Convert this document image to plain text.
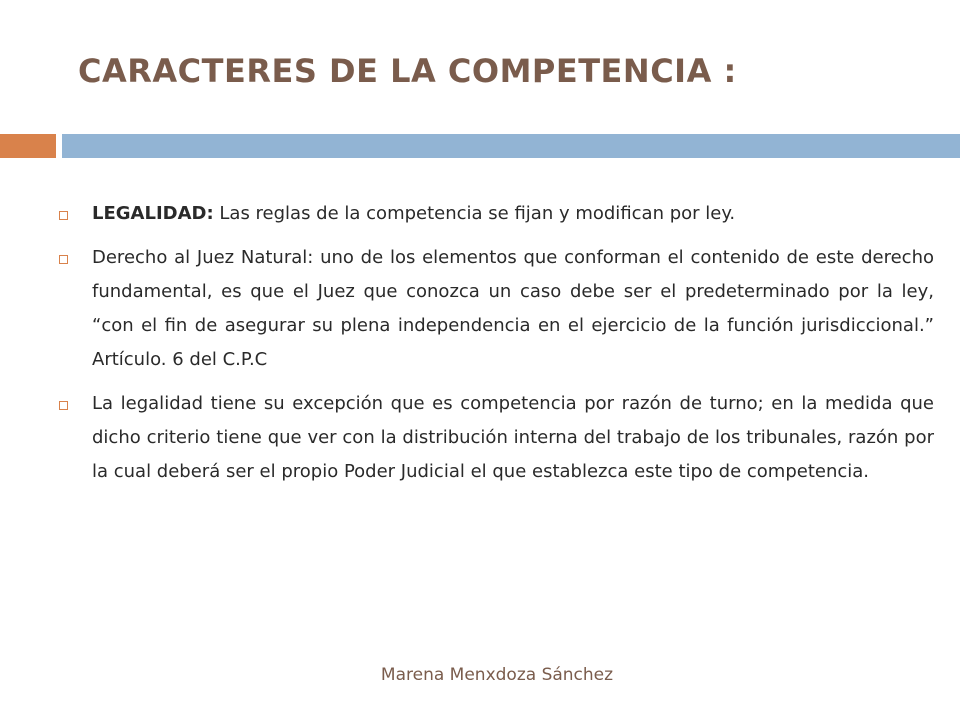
CARACTERES DE LA COMPETENCIA :

LEGALIDAD: Las reglas de la competencia se fijan y modifican por ley.

Derecho al Juez Natural: uno de los elementos que conforman el contenido de este derecho fundamental, es que el Juez que conozca un caso debe ser el predeterminado por la ley, “con el fin de asegurar su plena independencia en el ejercicio de la función jurisdiccional.” Artículo. 6 del C.P.C

La legalidad tiene su excepción que es competencia por razón de turno; en la medida que dicho criterio tiene que ver con la distribución interna del trabajo de los tribunales, razón por la cual deberá ser el propio Poder Judicial el que establezca este tipo de competencia.

Marena Menxdoza Sánchez
